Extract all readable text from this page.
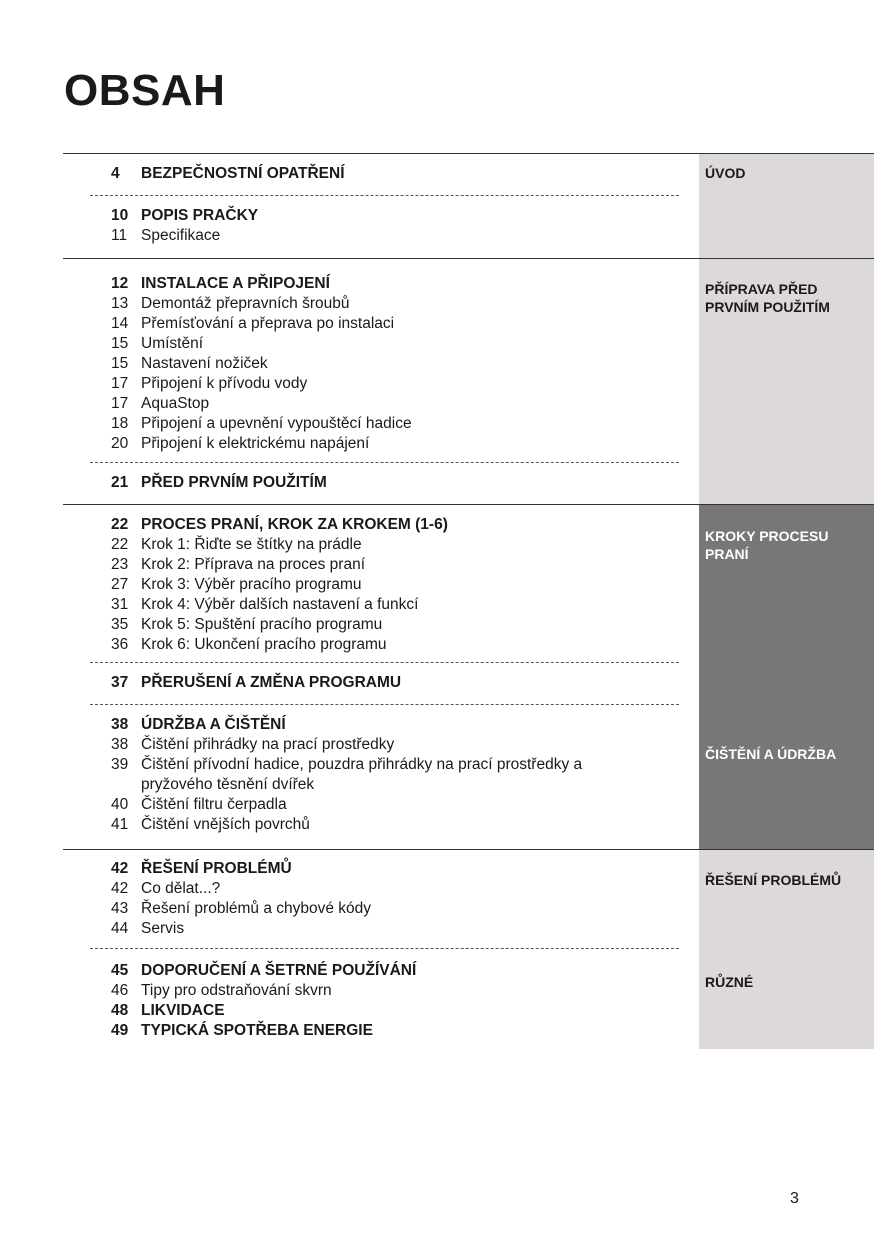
OBSAH
ÚVOD
PŘÍPRAVA PŘED PRVNÍM POUŽITÍM
KROKY PROCESU PRANÍ
ČIŠTĚNÍ A ÚDRŽBA
ŘEŠENÍ PROBLÉMŮ
RŮZNÉ
4 BEZPEČNOSTNÍ OPATŘENÍ
10 POPIS PRAČKY
11 Specifikace
12 INSTALACE A PŘIPOJENÍ
13 Demontáž přepravních šroubů
14 Přemísťování a přeprava po instalaci
15 Umístění
15 Nastavení nožiček
17 Připojení k přívodu vody
17 AquaStop
18 Připojení a upevnění vypouštěcí hadice
20 Připojení k elektrickému napájení
21 PŘED PRVNÍM POUŽITÍM
22 PROCES PRANÍ, KROK ZA KROKEM (1-6)
22 Krok 1: Řiďte se štítky na prádle
23 Krok 2: Příprava na proces praní
27 Krok 3: Výběr pracího programu
31 Krok 4: Výběr dalších nastavení a funkcí
35 Krok 5: Spuštění pracího programu
36 Krok 6: Ukončení pracího programu
37 PŘERUŠENÍ A ZMĚNA PROGRAMU
38 ÚDRŽBA A ČIŠTĚNÍ
38 Čištění přihrádky na prací prostředky
39 Čištění přívodní hadice, pouzdra přihrádky na prací prostředky a
pryžového těsnění dvířek
40 Čištění filtru čerpadla
41 Čištění vnějších povrchů
42 ŘEŠENÍ PROBLÉMŮ
42 Co dělat...?
43 Řešení problémů a chybové kódy
44 Servis
45 DOPORUČENÍ A ŠETRNÉ POUŽÍVÁNÍ
46 Tipy pro odstraňování skvrn
48 LIKVIDACE
49 TYPICKÁ SPOTŘEBA ENERGIE
3
